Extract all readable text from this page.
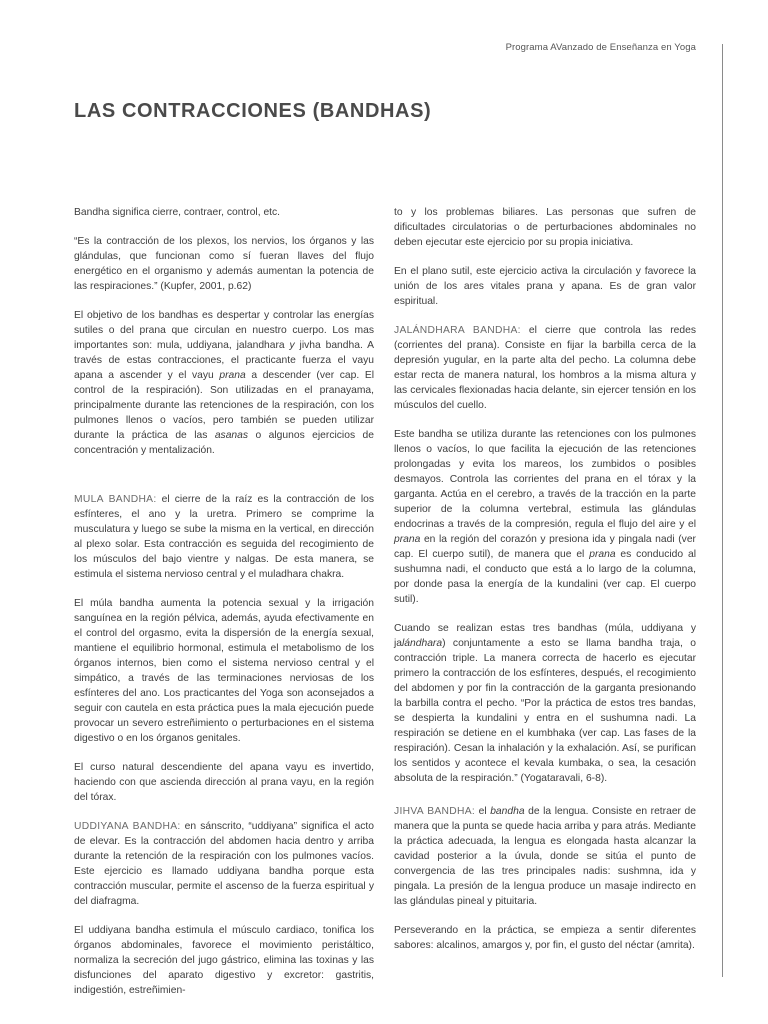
Programa AVanzado de Enseñanza en Yoga
LAS CONTRACCIONES (BANDHAS)

Bandha significa cierre, contraer, control, etc.

“Es la contracción de los plexos, los nervios, los órganos y las glándulas, que funcionan como sí fueran llaves del flujo energético en el organismo y además aumentan la potencia de las respiraciones.” (Kupfer, 2001, p.62)

El objetivo de los bandhas es despertar y controlar las energías sutiles o del prana que circulan en nuestro cuerpo. Los mas importantes son: mula, uddiyana, jalandhara y jivha bandha. A través de estas contracciones, el practicante fuerza el vayu apana a ascender y el vayu prana a descender (ver cap. El control de la respiración). Son utilizadas en el pranayama, principalmente durante las retenciones de la respiración, con los pulmones llenos o vacíos, pero también se pueden utilizar durante la práctica de las asanas o algunos ejercicios de concentración y mentalización.

MULA BANDHA: el cierre de la raíz es la contracción de los esfínteres, el ano y la uretra. Primero se comprime la musculatura y luego se sube la misma en la vertical, en dirección al plexo solar. Esta contracción es seguida del recogimiento de los músculos del bajo vientre y nalgas. De esta manera, se estimula el sistema nervioso central y el muladhara chakra.

El múla bandha aumenta la potencia sexual y la irrigación sanguínea en la región pélvica, además, ayuda efectivamente en el control del orgasmo, evita la dispersión de la energía sexual, mantiene el equilibrio hormonal, estimula el metabolismo de los órganos internos, bien como el sistema nervioso central y el simpático, a través de las terminaciones nerviosas de los esfínteres del ano. Los practicantes del Yoga son aconsejados a seguir con cautela en esta práctica pues la mala ejecución puede provocar un severo estreñimiento o perturbaciones en el sistema digestivo o en los órganos genitales.

El curso natural descendiente del apana vayu es invertido, haciendo con que ascienda dirección al prana vayu, en la región del tórax.

UDDIYANA BANDHA: en sánscrito, “uddiyana” significa el acto de elevar. Es la contracción del abdomen hacia dentro y arriba durante la retención de la respiración con los pulmones vacíos. Este ejercicio es llamado uddiyana bandha porque esta contracción muscular, permite el ascenso de la fuerza espiritual y del diafragma.

El uddiyana bandha estimula el músculo cardiaco, tonifica los órganos abdominales, favorece el movimiento peristáltico, normaliza la secreción del jugo gástrico, elimina las toxinas y las disfunciones del aparato digestivo y excretor: gastritis, indigestión, estreñimien-

to y los problemas biliares. Las personas que sufren de dificultades circulatorias o de perturbaciones abdominales no deben ejecutar este ejercicio por su propia iniciativa.

En el plano sutil, este ejercicio activa la circulación y favorece la unión de los ares vitales prana y apana. Es de gran valor espiritual.

JALÁNDHARA BANDHA: el cierre que controla las redes (corrientes del prana). Consiste en fijar la barbilla cerca de la depresión yugular, en la parte alta del pecho. La columna debe estar recta de manera natural, los hombros a la misma altura y las cervicales flexionadas hacia delante, sin ejercer tensión en los músculos del cuello.

Este bandha se utiliza durante las retenciones con los pulmones llenos o vacíos, lo que facilita la ejecución de las retenciones prolongadas y evita los mareos, los zumbidos o posibles desmayos. Controla las corrientes del prana en el tórax y la garganta. Actúa en el cerebro, a través de la tracción en la parte superior de la columna vertebral, estimula las glándulas endocrinas a través de la compresión, regula el flujo del aire y el prana en la región del corazón y presiona ida y pingala nadi (ver cap. El cuerpo sutil), de manera que el prana es conducido al sushumna nadi, el conducto que está a lo largo de la columna, por donde pasa la energía de la kundalini (ver cap. El cuerpo sutil).

Cuando se realizan estas tres bandhas (múla, uddiyana y jalándhara) conjuntamente a esto se llama bandha traja, o contracción triple. La manera correcta de hacerlo es ejecutar primero la contracción de los esfínteres, después, el recogimiento del abdomen y por fin la contracción de la garganta presionando la barbilla contra el pecho. “Por la práctica de estos tres bandas, se despierta la kundalini y entra en el sushumna nadi. La respiración se detiene en el kumbhaka (ver cap. Las fases de la respiración). Cesan la inhalación y la exhalación. Así, se purifican los sentidos y acontece el kevala kumbaka, o sea, la cesación absoluta de la respiración.” (Yogataravali, 6-8).

JIHVA BANDHA: el bandha de la lengua. Consiste en retraer de manera que la punta se quede hacia arriba y para atrás. Mediante la práctica adecuada, la lengua es elongada hasta alcanzar la cavidad posterior a la úvula, donde se sitúa el punto de convergencia de las tres principales nadis: sushmna, ida y pingala. La presión de la lengua produce un masaje indirecto en las glándulas pineal y pituitaria.

Perseverando en la práctica, se empieza a sentir diferentes sabores: alcalinos, amargos y, por fin, el gusto del néctar (amrita).
